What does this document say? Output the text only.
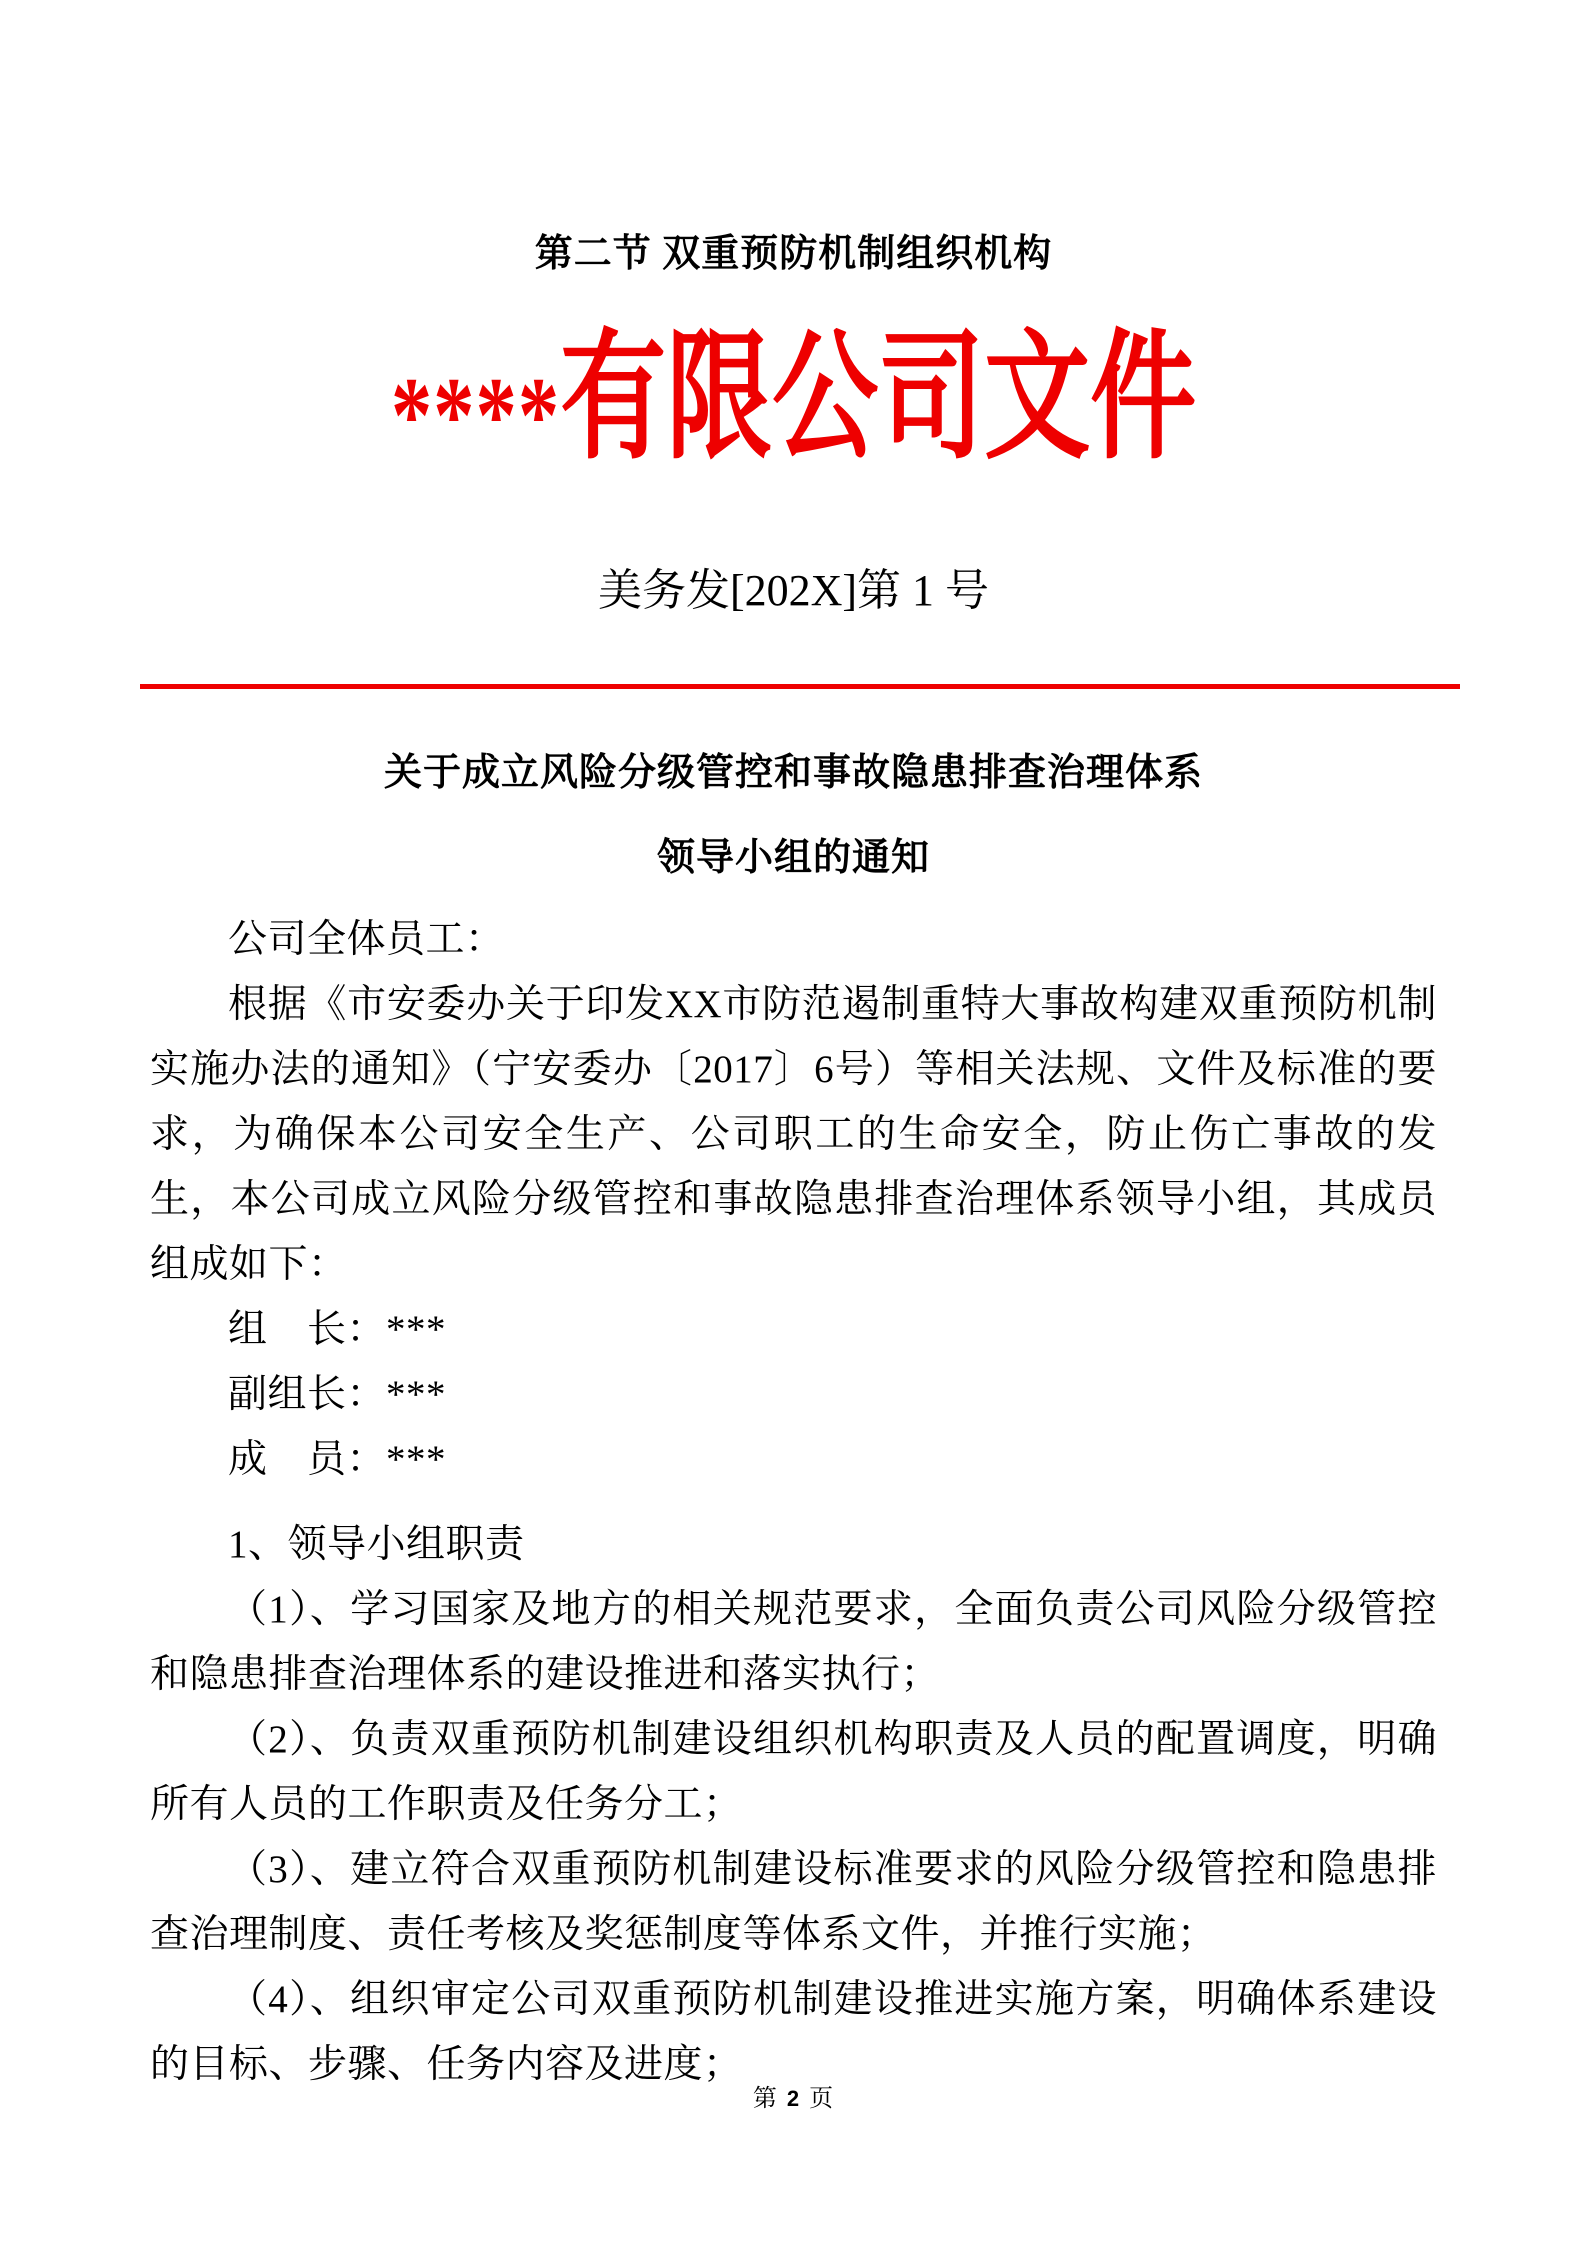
第二节 双重预防机制组织机构
****有限公司文件
美务发[202X]第 1 号
关于成立风险分级管控和事故隐患排查治理体系
领导小组的通知

公司全体员工：

根据《市安委办关于印发XX市防范遏制重特大事故构建双重预防机制实施办法的通知》（宁安委办〔2017〕6号）等相关法规、文件及标准的要求，为确保本公司安全生产、公司职工的生命安全，防止伤亡事故的发生，本公司成立风险分级管控和事故隐患排查治理体系领导小组，其成员组成如下：

组　长：***

副组长：***

成　员：***

1、领导小组职责

（1）、学习国家及地方的相关规范要求，全面负责公司风险分级管控和隐患排查治理体系的建设推进和落实执行；

（2）、负责双重预防机制建设组织机构职责及人员的配置调度，明确所有人员的工作职责及任务分工；

（3）、建立符合双重预防机制建设标准要求的风险分级管控和隐患排查治理制度、责任考核及奖惩制度等体系文件，并推行实施；

（4）、组织审定公司双重预防机制建设推进实施方案，明确体系建设的目标、步骤、任务内容及进度；

第 2 页
